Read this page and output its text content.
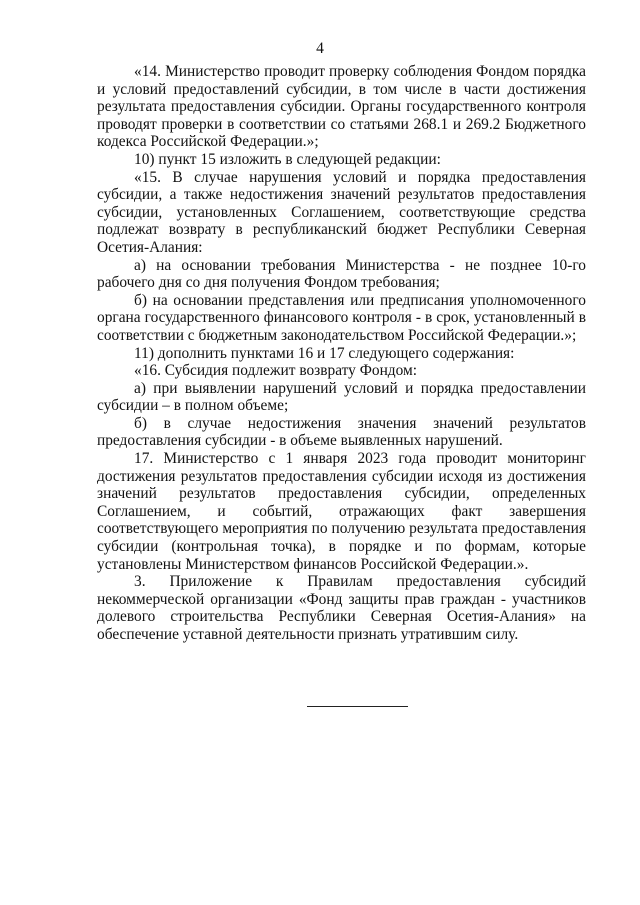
4

«14. Министерство проводит проверку соблюдения Фондом порядка и условий предоставлений субсидии, в том числе в части достижения результата предоставления субсидии. Органы государственного контроля проводят проверки в соответствии со статьями 268.1 и 269.2 Бюджетного кодекса Российской Федерации.»;

10) пункт 15 изложить в следующей редакции:

«15. В случае нарушения условий и порядка предоставления субсидии, а также недостижения значений результатов предоставления субсидии, установленных Соглашением, соответствующие средства подлежат возврату в республиканский бюджет Республики Северная Осетия-Алания:

а) на основании требования Министерства - не позднее 10-го рабочего дня со дня получения Фондом требования;

б) на основании представления или предписания уполномоченного органа государственного финансового контроля - в срок, установленный в соответствии с бюджетным законодательством Российской Федерации.»;

11) дополнить пунктами 16 и 17 следующего содержания:

«16. Субсидия подлежит возврату Фондом:

а) при выявлении нарушений условий и порядка предоставлении субсидии – в полном объеме;

б) в случае недостижения значения значений результатов предоставления субсидии - в объеме выявленных нарушений.

17. Министерство с 1 января 2023 года проводит мониторинг достижения результатов предоставления субсидии исходя из достижения значений результатов предоставления субсидии, определенных Соглашением, и событий, отражающих факт завершения соответствующего мероприятия по получению результата предоставления субсидии (контрольная точка), в порядке и по формам, которые установлены Министерством финансов Российской Федерации.».

3. Приложение к Правилам предоставления субсидий некоммерческой организации «Фонд защиты прав граждан - участников долевого строительства Республики Северная Осетия-Алания» на обеспечение уставной деятельности признать утратившим силу.
